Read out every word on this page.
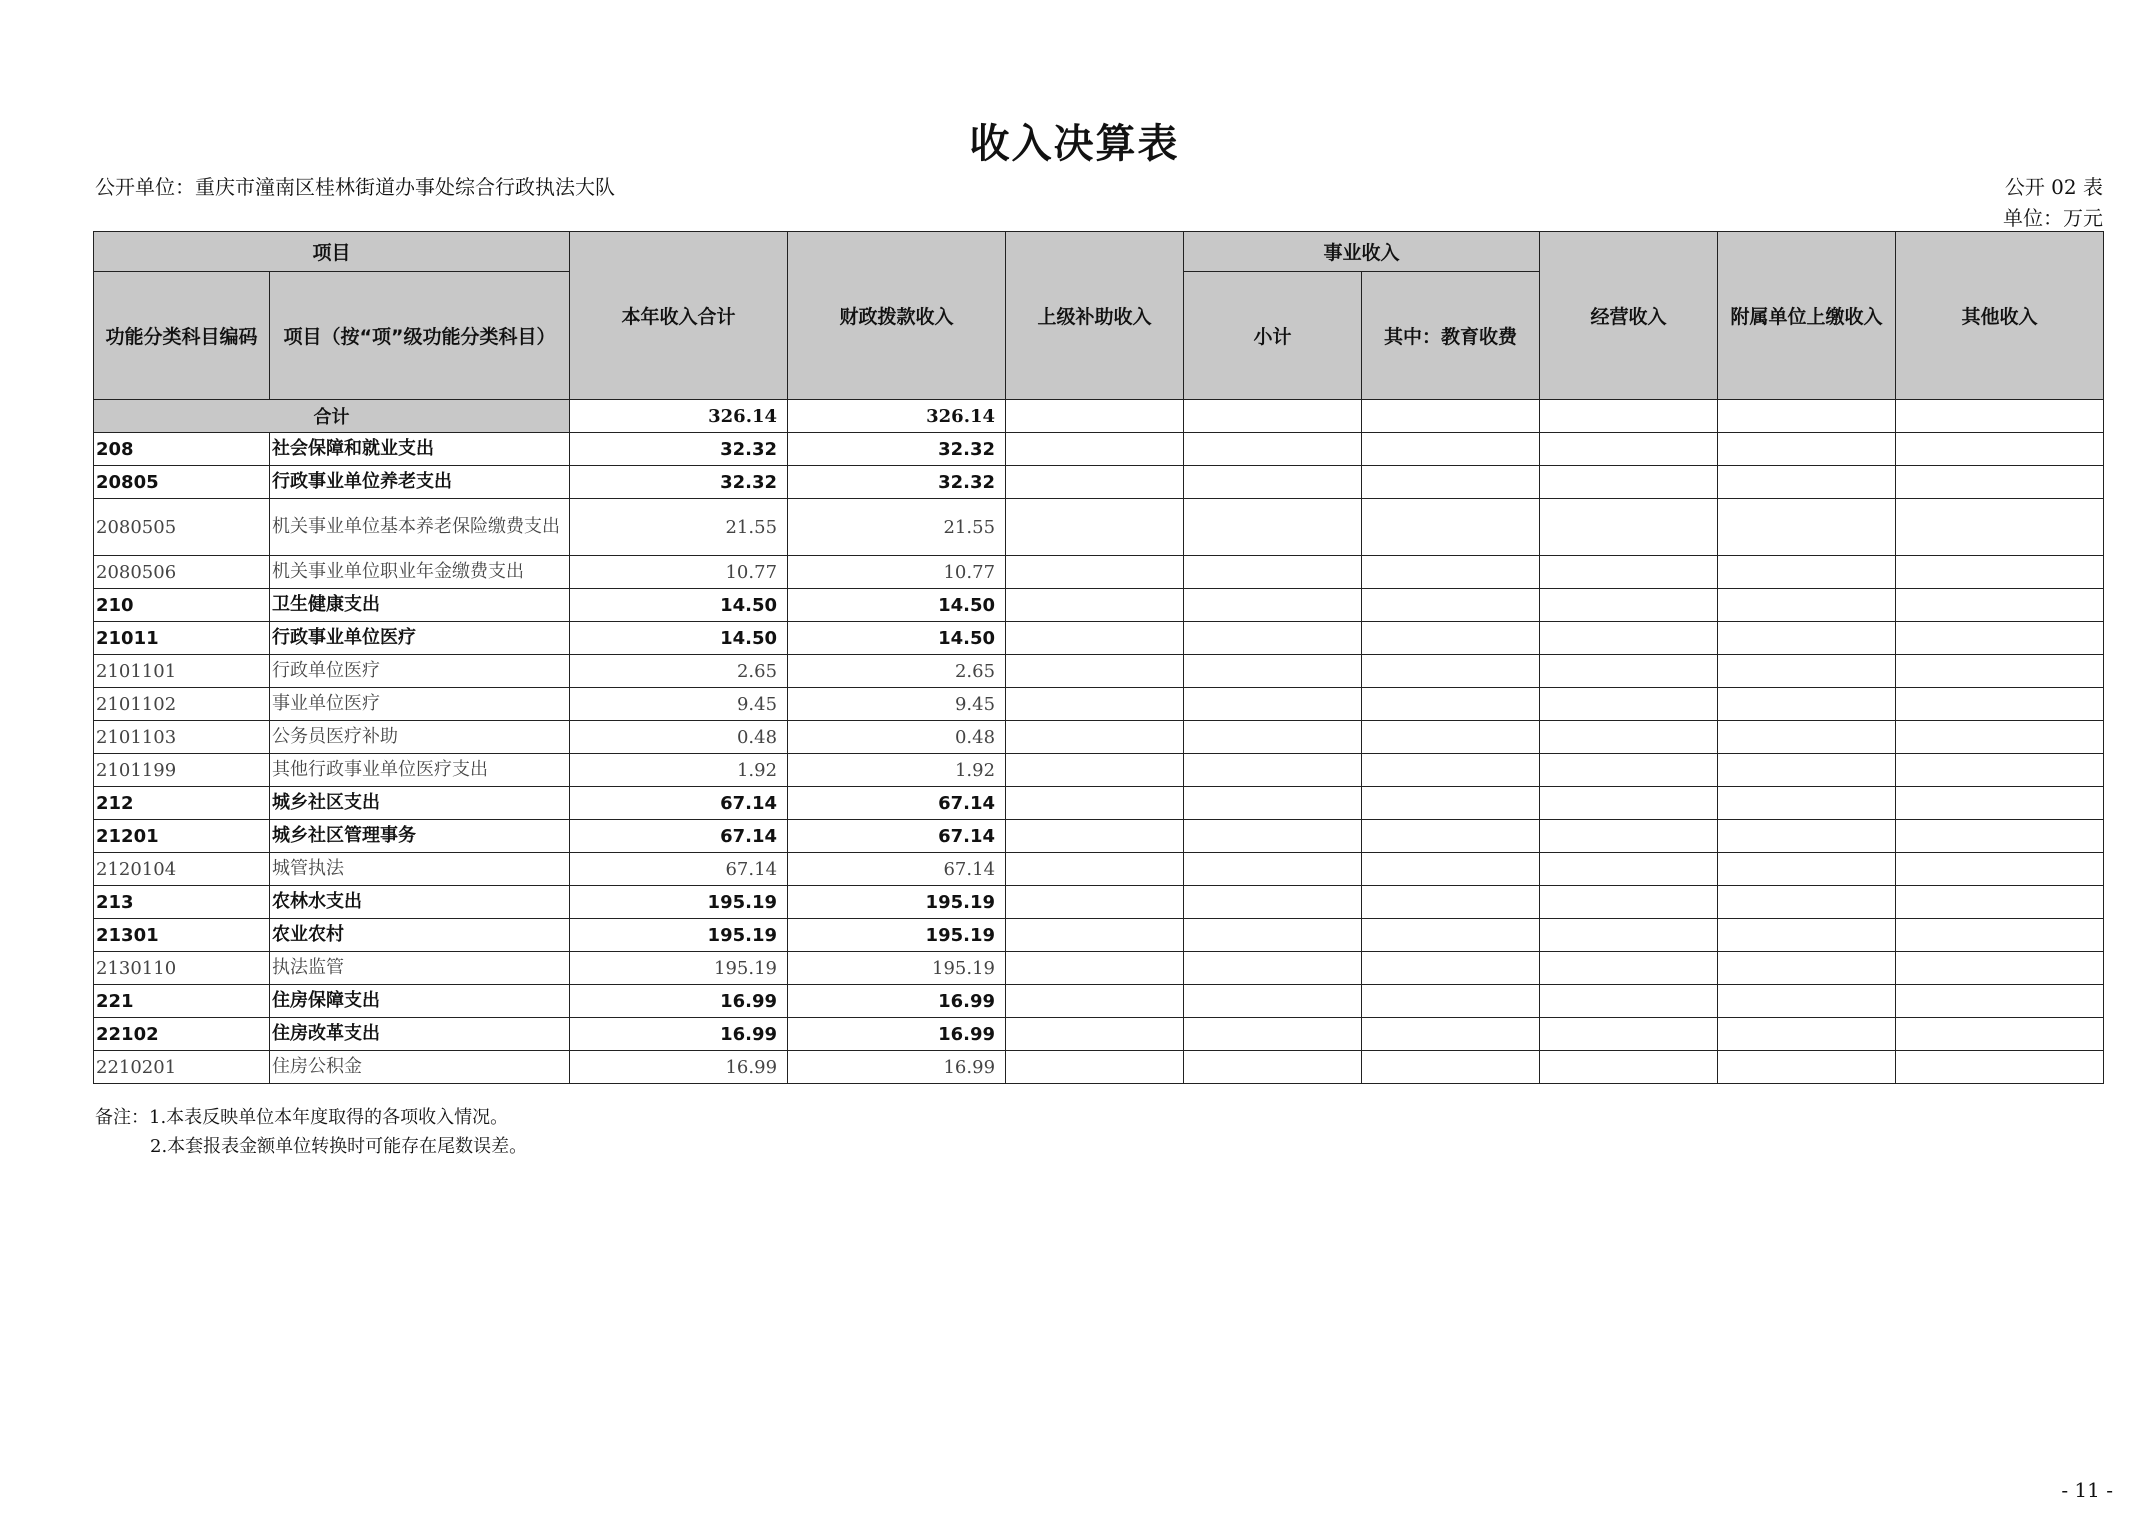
收入决算表
公开单位：重庆市潼南区桂林街道办事处综合行政执法大队	公开 02 表
单位：万元
项目		本年收入合计	财政拨款收入	上级补助收入	事业收入		经营收入	附属单位上缴收入	其他收入
功能分类科目编码	项目（按“项”级功能分类科目）				小计	其中：教育收费			
合计		326.14	326.14						
208	社会保障和就业支出	32.32	32.32						
20805	行政事业单位养老支出	32.32	32.32						
2080505	机关事业单位基本养老保险缴费支出	21.55	21.55						
2080506	机关事业单位职业年金缴费支出	10.77	10.77						
210	卫生健康支出	14.50	14.50						
21011	行政事业单位医疗	14.50	14.50						
2101101	行政单位医疗	2.65	2.65						
2101102	事业单位医疗	9.45	9.45						
2101103	公务员医疗补助	0.48	0.48						
2101199	其他行政事业单位医疗支出	1.92	1.92						
212	城乡社区支出	67.14	67.14						
21201	城乡社区管理事务	67.14	67.14						
2120104	城管执法	67.14	67.14						
213	农林水支出	195.19	195.19						
21301	农业农村	195.19	195.19						
2130110	执法监管	195.19	195.19						
221	住房保障支出	16.99	16.99						
22102	住房改革支出	16.99	16.99						
2210201	住房公积金	16.99	16.99						
备注：1.本表反映单位本年度取得的各项收入情况。
2.本套报表金额单位转换时可能存在尾数误差。
- 11 -
